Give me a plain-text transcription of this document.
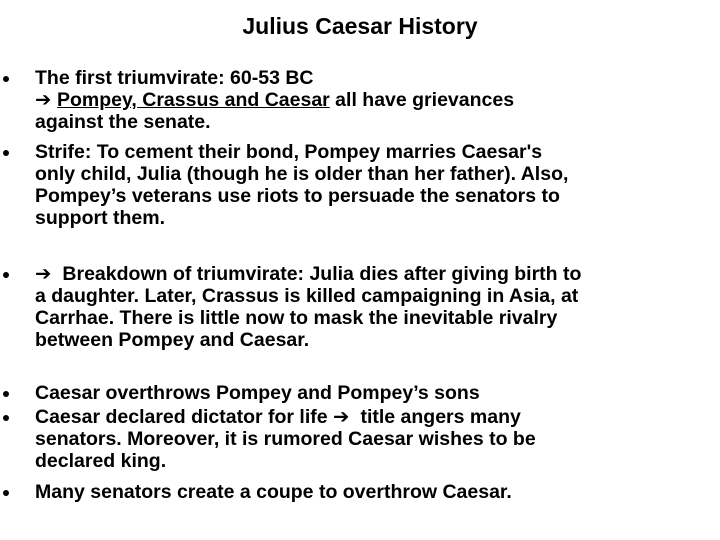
Julius Caesar History
The first triumvirate: 60-53 BC
➔ Pompey, Crassus and Caesar all have grievances
against the senate.
Strife: To cement their bond, Pompey marries Caesar's
only child, Julia (though he is older than her father). Also,
Pompey’s veterans use riots to persuade the senators to
support them.
➔ Breakdown of triumvirate: Julia dies after giving birth to
a daughter. Later, Crassus is killed campaigning in Asia, at
Carrhae. There is little now to mask the inevitable rivalry
between Pompey and Caesar.
Caesar overthrows Pompey and Pompey’s sons
Caesar declared dictator for life ➔ title angers many
senators. Moreover, it is rumored Caesar wishes to be
declared king.
Many senators create a coupe to overthrow Caesar.
